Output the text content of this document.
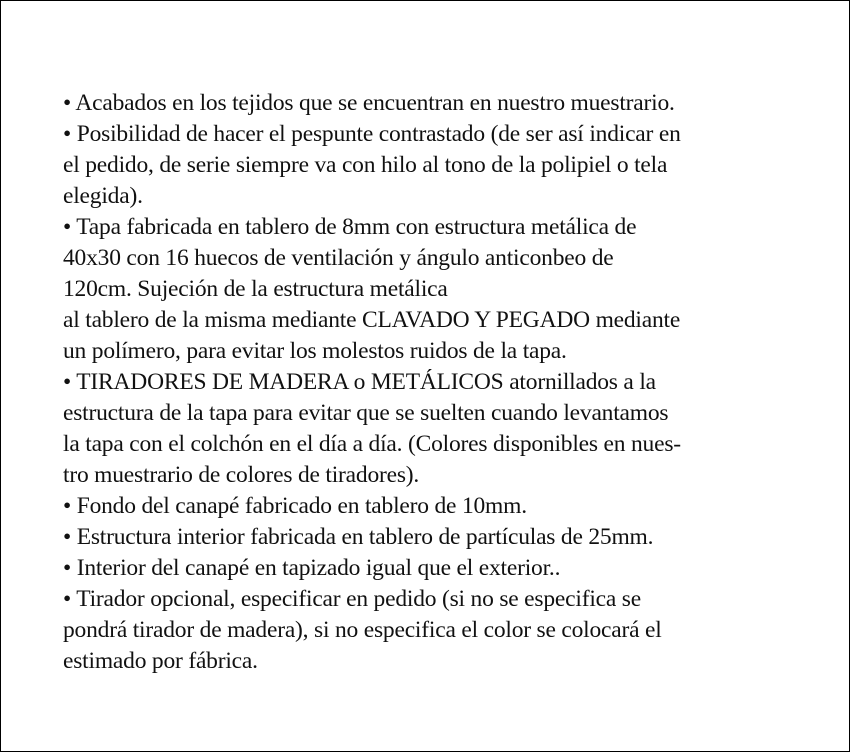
• Acabados en los tejidos que se encuentran en nuestro muestrario.
• Posibilidad de hacer el pespunte contrastado (de ser así indicar en
el pedido, de serie siempre va con hilo al tono de la polipiel o tela
elegida).
• Tapa fabricada en tablero de 8mm con estructura metálica de
40x30 con 16 huecos de ventilación y ángulo anticonbeo de
120cm. Sujeción de la estructura metálica
al tablero de la misma mediante CLAVADO Y PEGADO mediante
un polímero, para evitar los molestos ruidos de la tapa.
• TIRADORES DE MADERA o METÁLICOS atornillados a la
estructura de la tapa para evitar que se suelten cuando levantamos
la tapa con el colchón en el día a día. (Colores disponibles en nues-
tro muestrario de colores de tiradores).
• Fondo del canapé fabricado en tablero de 10mm.
• Estructura interior fabricada en tablero de partículas de 25mm.
• Interior del canapé en tapizado igual que el exterior..
• Tirador opcional, especificar en pedido (si no se especifica se
pondrá tirador de madera), si no especifica el color se colocará el
estimado por fábrica.
